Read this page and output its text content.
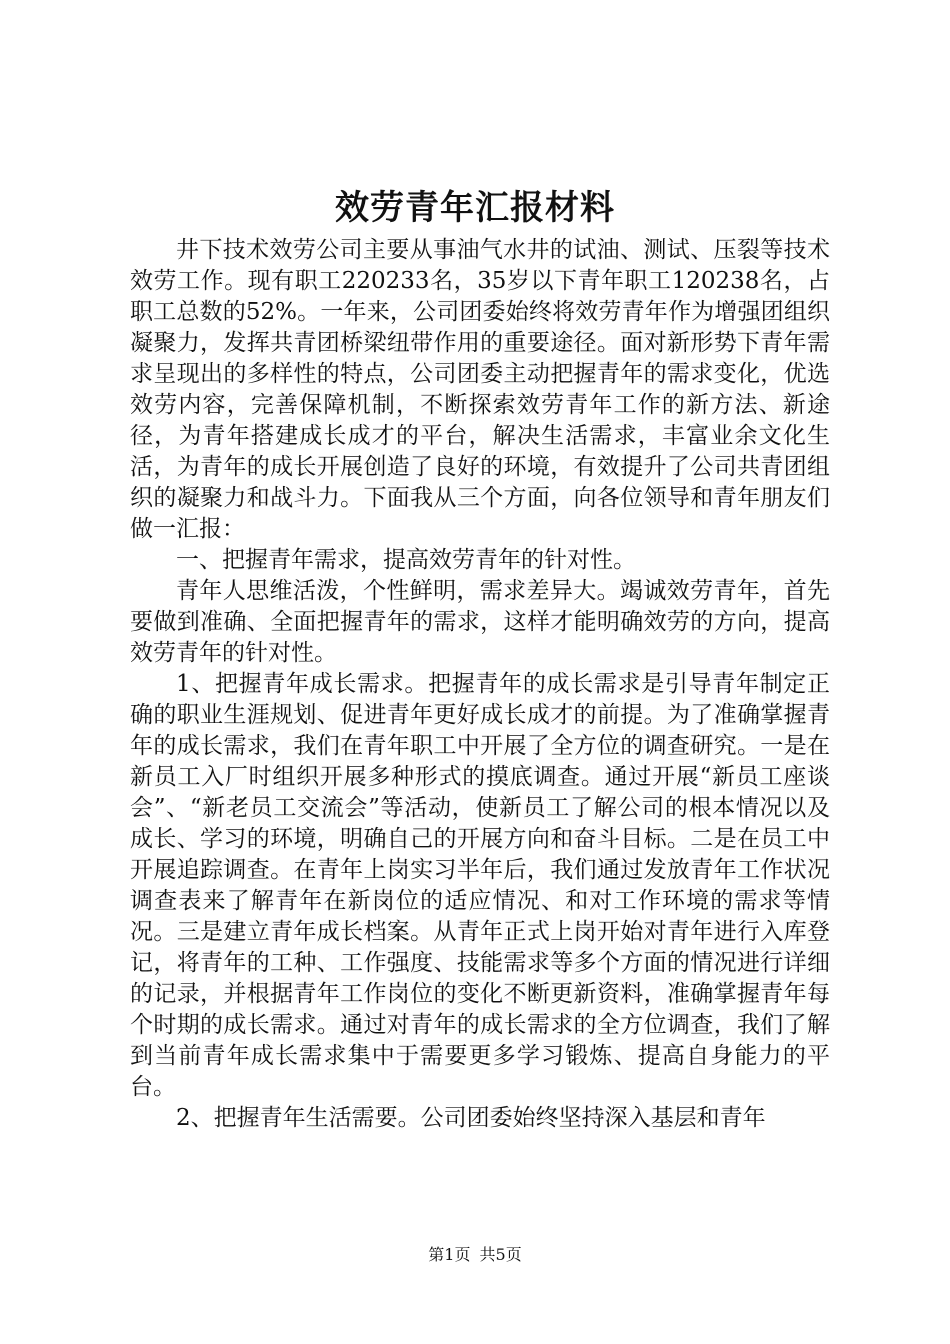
效劳青年汇报材料

井下技术效劳公司主要从事油气水井的试油、测试、压裂等技术效劳工作。现有职工220233名，35岁以下青年职工120238名，占职工总数的52%。一年来，公司团委始终将效劳青年作为增强团组织凝聚力，发挥共青团桥梁纽带作用的重要途径。面对新形势下青年需求呈现出的多样性的特点，公司团委主动把握青年的需求变化，优选效劳内容，完善保障机制，不断探索效劳青年工作的新方法、新途径，为青年搭建成长成才的平台，解决生活需求，丰富业余文化生活，为青年的成长开展创造了良好的环境，有效提升了公司共青团组织的凝聚力和战斗力。下面我从三个方面，向各位领导和青年朋友们做一汇报：

一、把握青年需求，提高效劳青年的针对性。

青年人思维活泼，个性鲜明，需求差异大。竭诚效劳青年，首先要做到准确、全面把握青年的需求，这样才能明确效劳的方向，提高效劳青年的针对性。

1、把握青年成长需求。把握青年的成长需求是引导青年制定正确的职业生涯规划、促进青年更好成长成才的前提。为了准确掌握青年的成长需求，我们在青年职工中开展了全方位的调查研究。一是在新员工入厂时组织开展多种形式的摸底调查。通过开展“新员工座谈会”、“新老员工交流会”等活动，使新员工了解公司的根本情况以及成长、学习的环境，明确自己的开展方向和奋斗目标。二是在员工中开展追踪调查。在青年上岗实习半年后，我们通过发放青年工作状况调查表来了解青年在新岗位的适应情况、和对工作环境的需求等情况。三是建立青年成长档案。从青年正式上岗开始对青年进行入库登记，将青年的工种、工作强度、技能需求等多个方面的情况进行详细的记录，并根据青年工作岗位的变化不断更新资料，准确掌握青年每个时期的成长需求。通过对青年的成长需求的全方位调查，我们了解到当前青年成长需求集中于需要更多学习锻炼、提高自身能力的平台。

2、把握青年生活需要。公司团委始终坚持深入基层和青年

第1页 共5页
